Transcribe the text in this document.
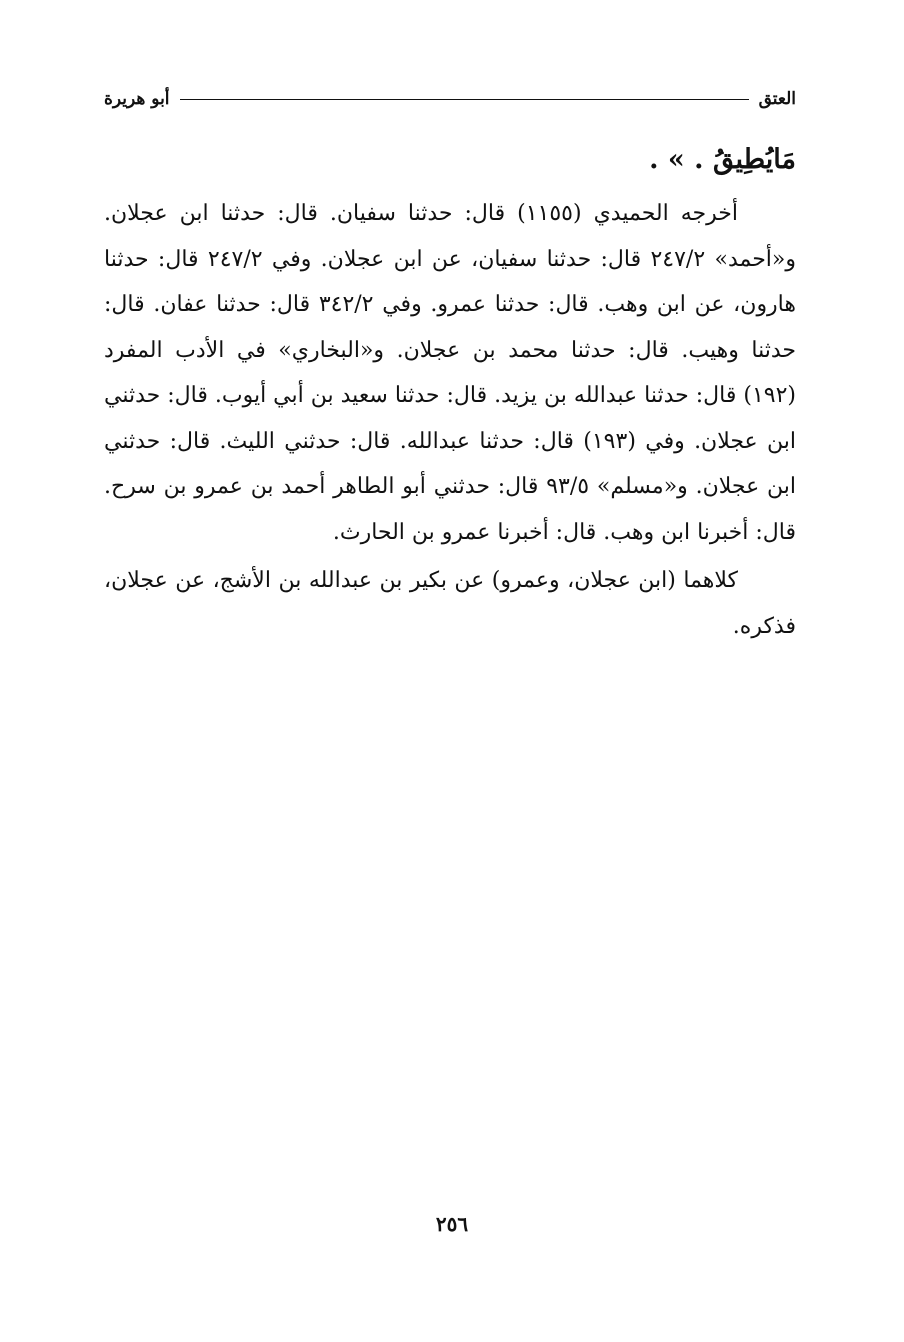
العتق
أبو هريرة

مَايُطِيقُ . » .

أخرجه الحميدي (١١٥٥) قال: حدثنا سفيان. قال: حدثنا ابن عجلان. و«أحمد» ٢٤٧/٢ قال: حدثنا سفيان، عن ابن عجلان. وفي ٢٤٧/٢ قال: حدثنا هارون، عن ابن وهب. قال: حدثنا عمرو. وفي ٣٤٢/٢ قال: حدثنا عفان. قال: حدثنا وهيب. قال: حدثنا محمد بن عجلان. و«البخاري» في الأدب المفرد (١٩٢) قال: حدثنا عبدالله بن يزيد. قال: حدثنا سعيد بن أبي أيوب. قال: حدثني ابن عجلان. وفي (١٩٣) قال: حدثنا عبدالله. قال: حدثني الليث. قال: حدثني ابن عجلان. و«مسلم» ٩٣/٥ قال: حدثني أبو الطاهر أحمد بن عمرو بن سرح. قال: أخبرنا ابن وهب. قال: أخبرنا عمرو بن الحارث.

كلاهما (ابن عجلان، وعمرو) عن بكير بن عبدالله بن الأشج، عن عجلان، فذكره.

٢٥٦
